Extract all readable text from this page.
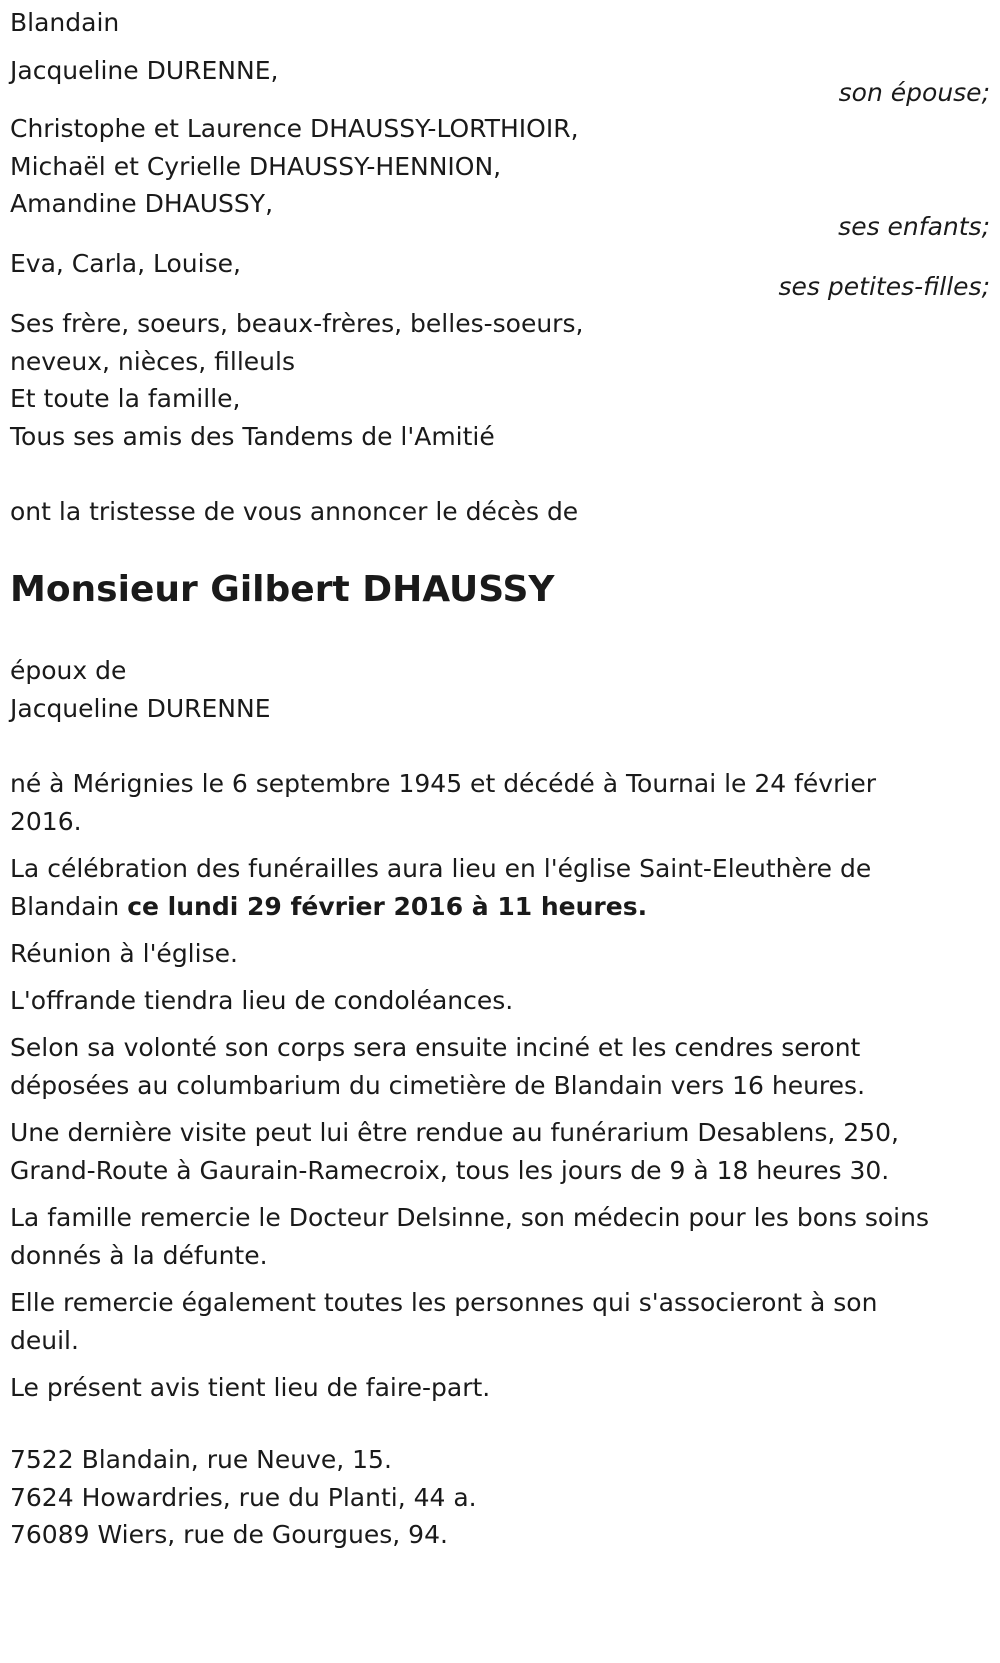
Blandain
Jacqueline DURENNE,
son épouse;
Christophe et Laurence DHAUSSY-LORTHIOIR,
Michaël et Cyrielle DHAUSSY-HENNION,
Amandine DHAUSSY,
ses enfants;
Eva, Carla, Louise,
ses petites-filles;
Ses frère, soeurs, beaux-frères, belles-soeurs,
neveux, nièces, filleuls
Et toute la famille,
Tous ses amis des Tandems de l'Amitié
ont la tristesse de vous annoncer le décès de
Monsieur Gilbert DHAUSSY
époux de
Jacqueline DURENNE

né à Mérignies le 6 septembre 1945 et décédé à Tournai le 24 février 2016.

La célébration des funérailles aura lieu en l'église Saint-Eleuthère de Blandain ce lundi 29 février 2016 à 11 heures.

Réunion à l'église.

L'offrande tiendra lieu de condoléances.

Selon sa volonté son corps sera ensuite inciné et les cendres seront déposées au columbarium du cimetière de Blandain vers 16 heures.

Une dernière visite peut lui être rendue au funérarium Desablens, 250, Grand-Route à Gaurain-Ramecroix, tous les jours de 9 à 18 heures 30.

La famille remercie le Docteur Delsinne, son médecin pour les bons soins donnés à la défunte.

Elle remercie également toutes les personnes qui s'associeront à son deuil.

Le présent avis tient lieu de faire-part.

7522 Blandain, rue Neuve, 15.
7624 Howardries, rue du Planti, 44 a.
76089 Wiers, rue de Gourgues, 94.
